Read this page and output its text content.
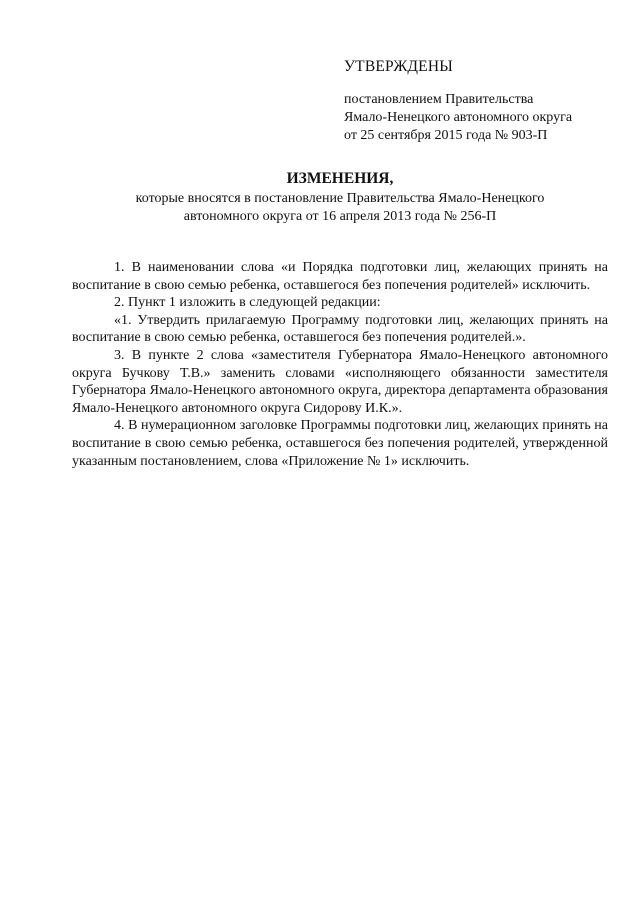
УТВЕРЖДЕНЫ
постановлением Правительства
Ямало-Ненецкого автономного округа
от 25 сентября 2015 года № 903-П
ИЗМЕНЕНИЯ,
которые вносятся в постановление Правительства Ямало-Ненецкого
автономного округа от 16 апреля 2013 года № 256-П

1. В наименовании слова «и Порядка подготовки лиц, желающих принять на воспитание в свою семью ребенка, оставшегося без попечения родителей» исключить.

2. Пункт 1 изложить в следующей редакции:

«1. Утвердить прилагаемую Программу подготовки лиц, желающих принять на воспитание в свою семью ребенка, оставшегося без попечения родителей.».

3. В пункте 2 слова «заместителя Губернатора Ямало-Ненецкого автономного округа Бучкову Т.В.» заменить словами «исполняющего обязанности заместителя Губернатора Ямало-Ненецкого автономного округа, директора департамента образования Ямало-Ненецкого автономного округа Сидорову И.К.».

4. В нумерационном заголовке Программы подготовки лиц, желающих принять на воспитание в свою семью ребенка, оставшегося без попечения родителей, утвержденной указанным постановлением, слова «Приложение № 1» исключить.
